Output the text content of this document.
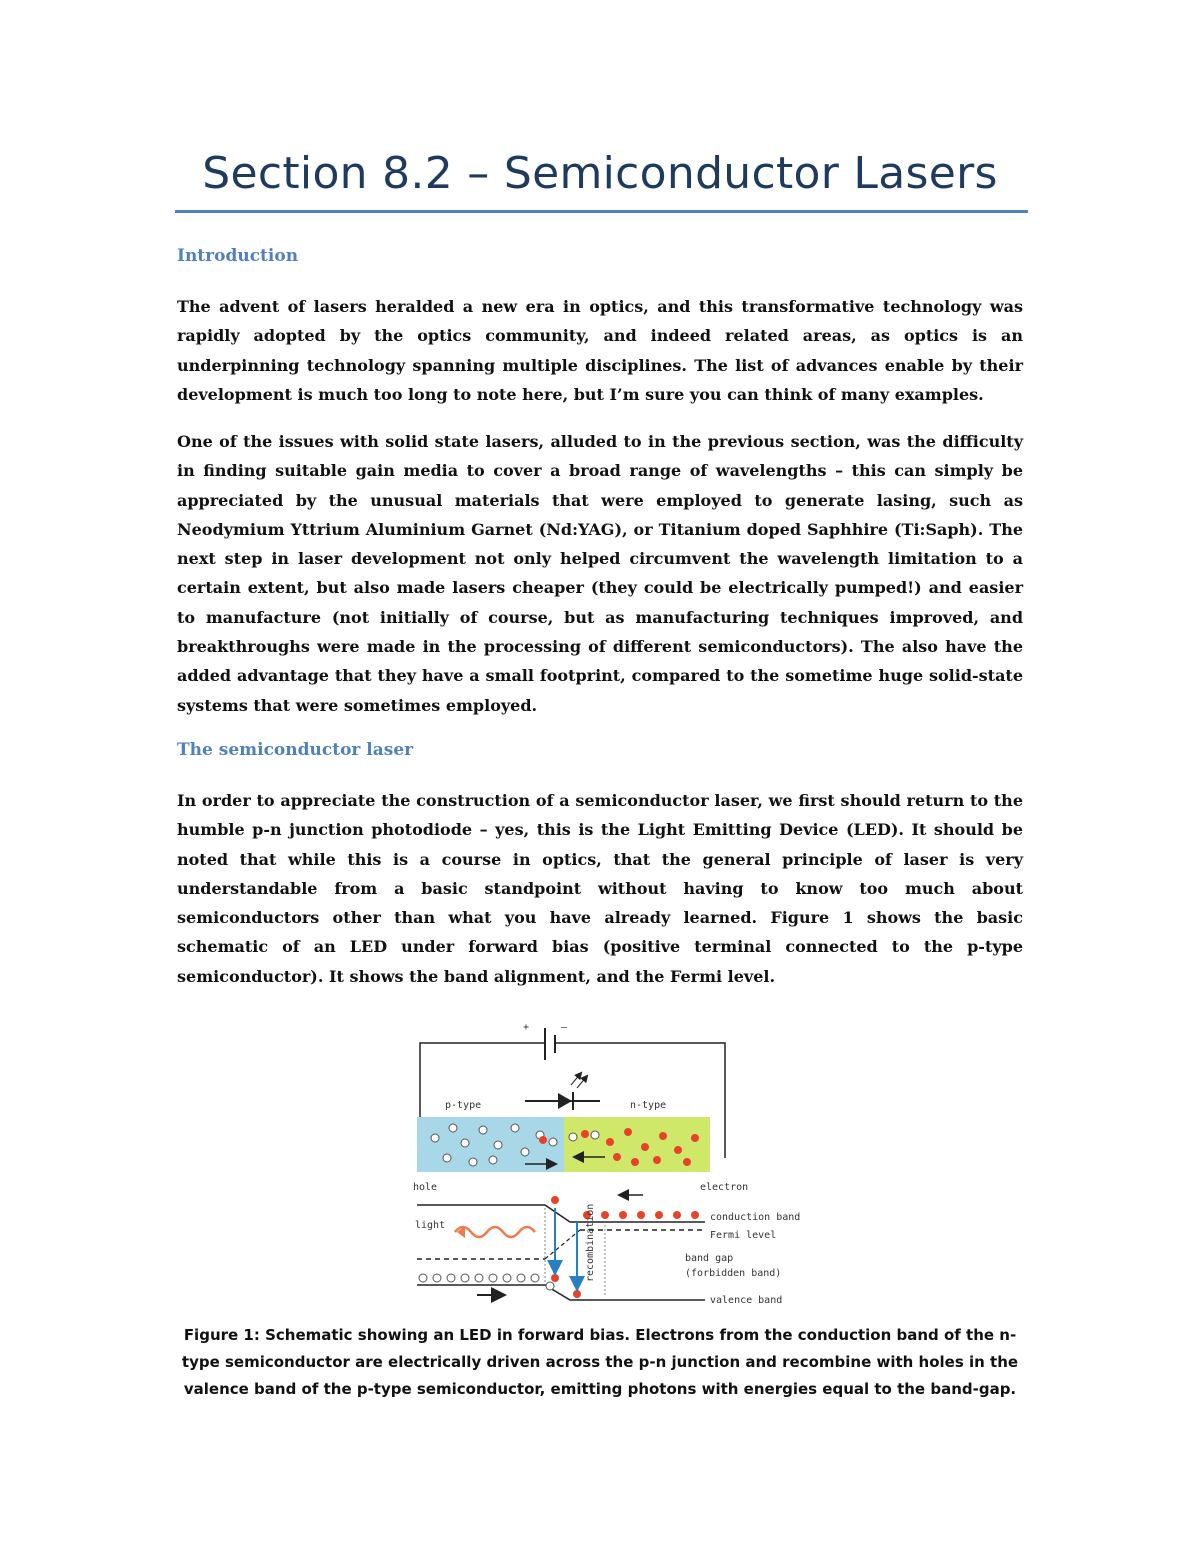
Section 8.2 – Semiconductor Lasers
Introduction

The advent of lasers heralded a new era in optics, and this transformative technology was rapidly adopted by the optics community, and indeed related areas, as optics is an underpinning technology spanning multiple disciplines. The list of advances enable by their development is much too long to note here, but I’m sure you can think of many examples.

One of the issues with solid state lasers, alluded to in the previous section, was the difficulty in finding suitable gain media to cover a broad range of wavelengths – this can simply be appreciated by the unusual materials that were employed to generate lasing, such as Neodymium Yttrium Aluminium Garnet (Nd:YAG), or Titanium doped Saphhire (Ti:Saph). The next step in laser development not only helped circumvent the wavelength limitation to a certain extent, but also made lasers cheaper (they could be electrically pumped!) and easier to manufacture (not initially of course, but as manufacturing techniques improved, and breakthroughs were made in the processing of different semiconductors). The also have the added advantage that they have a small footprint, compared to the sometime huge solid-state systems that were sometimes employed.

The semiconductor laser

In order to appreciate the construction of a semiconductor laser, we first should return to the humble p-n junction photodiode – yes, this is the Light Emitting Device (LED). It should be noted that while this is a course in optics, that the general principle of laser is very understandable from a basic standpoint without having to know too much about semiconductors other than what you have already learned. Figure 1 shows the basic schematic of an LED under forward bias (positive terminal connected to the p-type semiconductor). It shows the band alignment, and the Fermi level.

+	–
p-type	n-type
hole	electron
recombination
light
conduction band
Fermi level
band gap
(forbidden band)
valence band

Figure 1: Schematic showing an LED in forward bias. Electrons from the conduction band of the n-type semiconductor are electrically driven across the p-n junction and recombine with holes in the valence band of the p-type semiconductor, emitting photons with energies equal to the band-gap.
